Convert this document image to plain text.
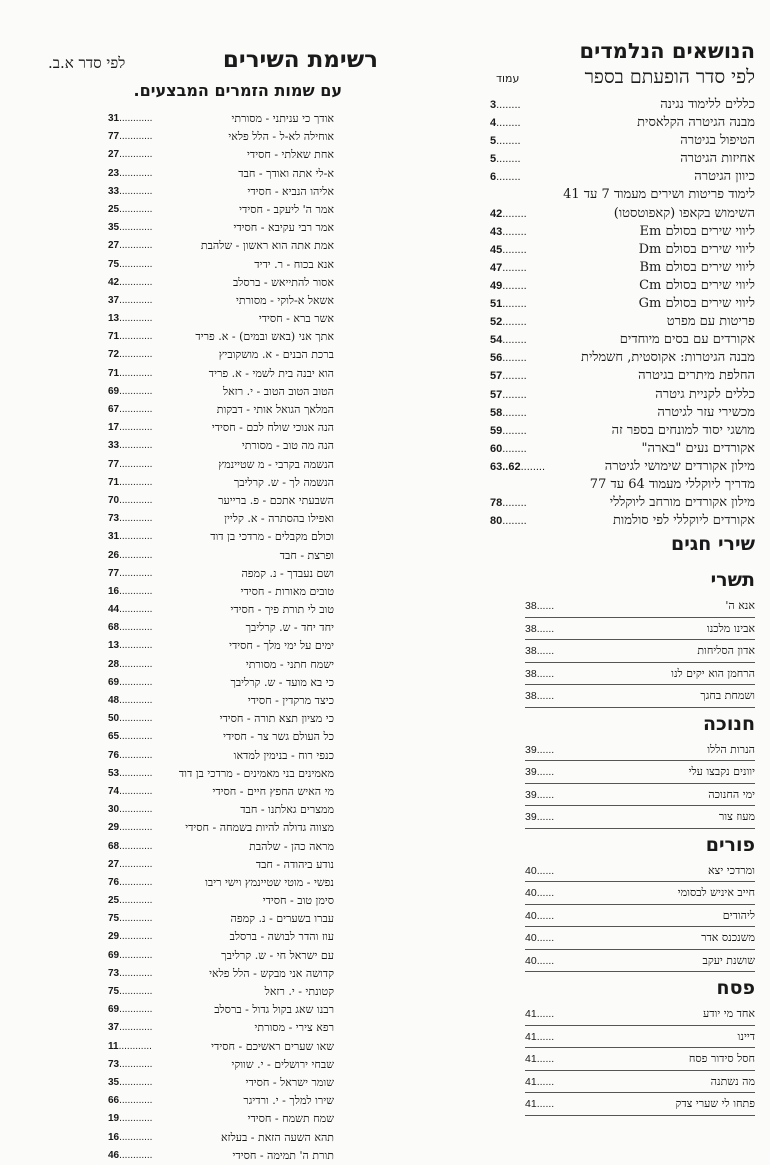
הנושאים הנלמדים
לפי סדר הופעתם בספר
עמוד
כללים ללימוד נגינה
3 ........
מבנה הגיטרה הקלאסית
4 ........
הטיפול בגיטרה
5 ........
אחיזות הגיטרה
5 ........
כיוון הגיטרה
6 ........
לימוד פריטות ושירים מעמוד 7 עד 41
השימוש בקאפו (קאפוטסטו)
42 ........
ליווי שירים בסולם Em
43 ........
ליווי שירים בסולם Dm
45 ........
ליווי שירים בסולם Bm
47 ........
ליווי שירים בסולם Cm
49 ........
ליווי שירים בסולם Gm
51 ........
פריטות עם מפרט
52 ........
אקורדים עם בסים מיוחדים
54 ........
מבנה הגיטרות: אקוסטית, חשמלית
56 ........
החלפת מיתרים בגיטרה
57 ........
כללים לקניית גיטרה
57 ........
מכשירי עזר לגיטרה
58 ........
מושגי יסוד למונחים בספר זה
59 ........
אקורדים נעים "בארה"
60 ........
מילון אקורדים שימושי לגיטרה
63..62 ........
מדריך ליוקללי מעמוד 64 עד 77
מילון אקורדים מורחב ליוקללי
78 ........
אקורדים ליוקללי לפי סולמות
80 ........
שירי חגים
תשרי
אנא ה'
38 ......
אבינו מלכנו
38 ......
אדון הסליחות
38 ......
הרחמן הוא יקים לנו
38 ......
ושמחת בחגך
38 ......
חנוכה
הנרות הללו
39 ......
יוונים נקבצו עלי
39 ......
ימי החנוכה
39 ......
מעוז צור
39 ......
פורים
ומרדכי יצא
40 ......
חייב איניש לבסומי
40 ......
ליהודים
40 ......
משנכנס אדר
40 ......
שושנת יעקב
40 ......
פסח
אחד מי יודע
41 ......
דיינו
41 ......
חסל סידור פסח
41 ......
מה נשתנה
41 ......
פתחו לי שערי צדק
41 ......
רשימת השירים
לפי סדר א.ב.
עם שמות הזמרים המבצעים.
אודך כי עניתני - מסורתי
31 .....
אוחילה לא-ל - הלל פלאי
77 .....
אחת שאלתי - חסידי
27 .....
א-לי אתה ואודך - חבד
23 .....
אליהו הנביא - חסידי
33 .....
אמר ה' ליעקב - חסידי
25 .....
אמר רבי עקיבא - חסידי
35 .....
אמת אתה הוא ראשון - שלהבת
27 .....
אנא בכוח - ר. ידיד
75 .....
אסור להתייאש - ברסלב
42 .....
אשאל א-לוקי - מסורתי
37 .....
אשר ברא - חסידי
13 .....
אתך אני (באש ובמים) - א. פריד
71 .....
ברכת הבנים - א. מושקוביץ
72 .....
הוא יבנה בית לשמי - א. פריד
71 .....
הטוב הטוב הטוב - י. רזאל
69 .....
המלאך הגואל אותי - דבקות
67 .....
הנה אנוכי שולח לכם - חסידי
17 .....
הנה מה טוב - מסורתי
33 .....
הנשמה בקרבי - מ שטיינמץ
77 .....
הנשמה לך - ש. קרליבך
71 .....
השבעתי אתכם - פ. ברייער
70 .....
ואפילו בהסתרה - א. קליין
73 .....
וכולם מקבלים - מרדכי בן דוד
31 .....
ופרצת - חבד
26 .....
ושם נעבדך - נ. קמפה
77 .....
טובים מאורות - חסידי
16 .....
טוב לי תורת פיך - חסידי
44 .....
יחד יחד - ש. קרליבך
68 .....
ימים על ימי מלך - חסידי
13 .....
ישמח חתני - מסורתי
28 .....
כי בא מועד - ש. קרליבך
69 .....
כיצד מרקדין - חסידי
48 .....
כי מציון תצא תורה - חסידי
50 .....
כל העולם גשר צר - חסידי
65 .....
כנפי רוח - בנימין למדאו
76 .....
מאמינים בני מאמינים - מרדכי בן דוד
53 .....
מי האיש החפץ חיים - חסידי
74 .....
ממצרים גאלתנו - חבד
30 .....
מצווה גדולה להיות בשמחה - חסידי
29 .....
מראה כהן - שלהבת
68 .....
נודע ביהודה - חבד
27 .....
נפשי - מוטי שטיינמץ וישי ריבו
76 .....
סימן טוב - חסידי
25 .....
עברו בשערים - נ. קמפה
75 .....
עוז והדר לבושה - ברסלב
29 .....
עם ישראל חי - ש. קרליבך
69 .....
קדושה אני מבקש - הלל פלאי
73 .....
קטונתי - י. רזאל
75 .....
רבנו שאג בקול גדול - ברסלב
69 .....
רפא צירי - מסורתי
37 .....
שאו שערים ראשיכם - חסידי
11 .....
שבחי ירושלים - י. שווקי
73 .....
שומר ישראל - חסידי
35 .....
שירו למלך - י. ורדיגר
66 .....
שמח תשמח - חסידי
19 .....
תהא השעה הזאת - בעלזא
16 .....
תורת ה' תמימה - חסידי
46 .....
